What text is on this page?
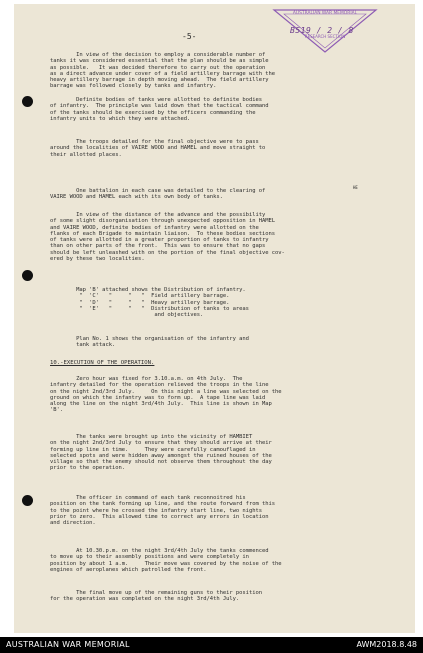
AUSTRALIAN WAR MEMORIAL
RESEARCH SECTION
B519 / 2 / 8
-5-
In view of the decision to employ a considerable number of
tanks it was considered essential that the plan should be as simple
as possible.   It was decided therefore to carry out the operation
as a direct advance under cover of a field artillery barrage with the
heavy artillery barrage in depth moving ahead.  The field artillery
barrage was followed closely by tanks and infantry.
Definite bodies of tanks were allotted to definite bodies
of infantry.  The principle was laid down that the tactical command
of the tanks should be exercised by the officers commanding the
infantry units to which they were attached.
The troops detailed for the final objective were to pass
around the localities of VAIRE WOOD and HAMEL and move straight to
their allotted places.
HE
One battalion in each case was detailed to the clearing of
VAIRE WOOD and HAMEL each with its own body of tanks.
In view of the distance of the advance and the possibility
of some slight disorganisation through unexpected opposition in HAMEL
and VAIRE WOOD, definite bodies of infantry were allotted on the
flanks of each Brigade to maintain liaison.  To these bodies sections
of tanks were allotted in a greater proportion of tanks to infantry
than on other parts of the front.  This was to ensure that no gaps
should be left unleashed with on the portion of the final objective cov-
ered by these two localities.
Map 'B' attached shows the Distribution of infantry.
"  'C'   "     "   "  Field artillery barrage.
"  'D'   "     "   "  Heavy artillery barrage.
"  'E'   "     "   "  Distribution of tanks to areas
and objectives.
Plan No. 1 shows the organisation of the infantry and
tank attack.
10.-EXECUTION OF THE OPERATION.
Zero hour was fixed for 3.10.a.m. on 4th July.  The
infantry detailed for the operation relieved the troops in the line
on the night 2nd/3rd July.     On this night a line was selected on the
ground on which the infantry was to form up.  A tape line was laid
along the line on the night 3rd/4th July.  This line is shown in Map
'B'.
The tanks were brought up into the vicinity of HAMBIET
on the night 2nd/3rd July to ensure that they should arrive at their
forming up line in time.     They were carefully camouflaged in
selected spots and were hidden away amongst the ruined houses of the
village so that the enemy should not observe them throughout the day
prior to the operation.
The officer in command of each tank reconnoitred his
position on the tank forming up line, and the route forward from this
to the point where he crossed the infantry start line, two nights
prior to zero.  This allowed time to correct any errors in location
and direction.
At 10.30.p.m. on the night 3rd/4th July the tanks commenced
to move up to their assembly positions and were completely in
position by about 1 a.m.     Their move was covered by the noise of the
engines of aeroplanes which patrolled the front.
The final move up of the remaining guns to their position
for the operation was completed on the night 3rd/4th July.
AUSTRALIAN WAR MEMORIAL	AWM2018.8.48
